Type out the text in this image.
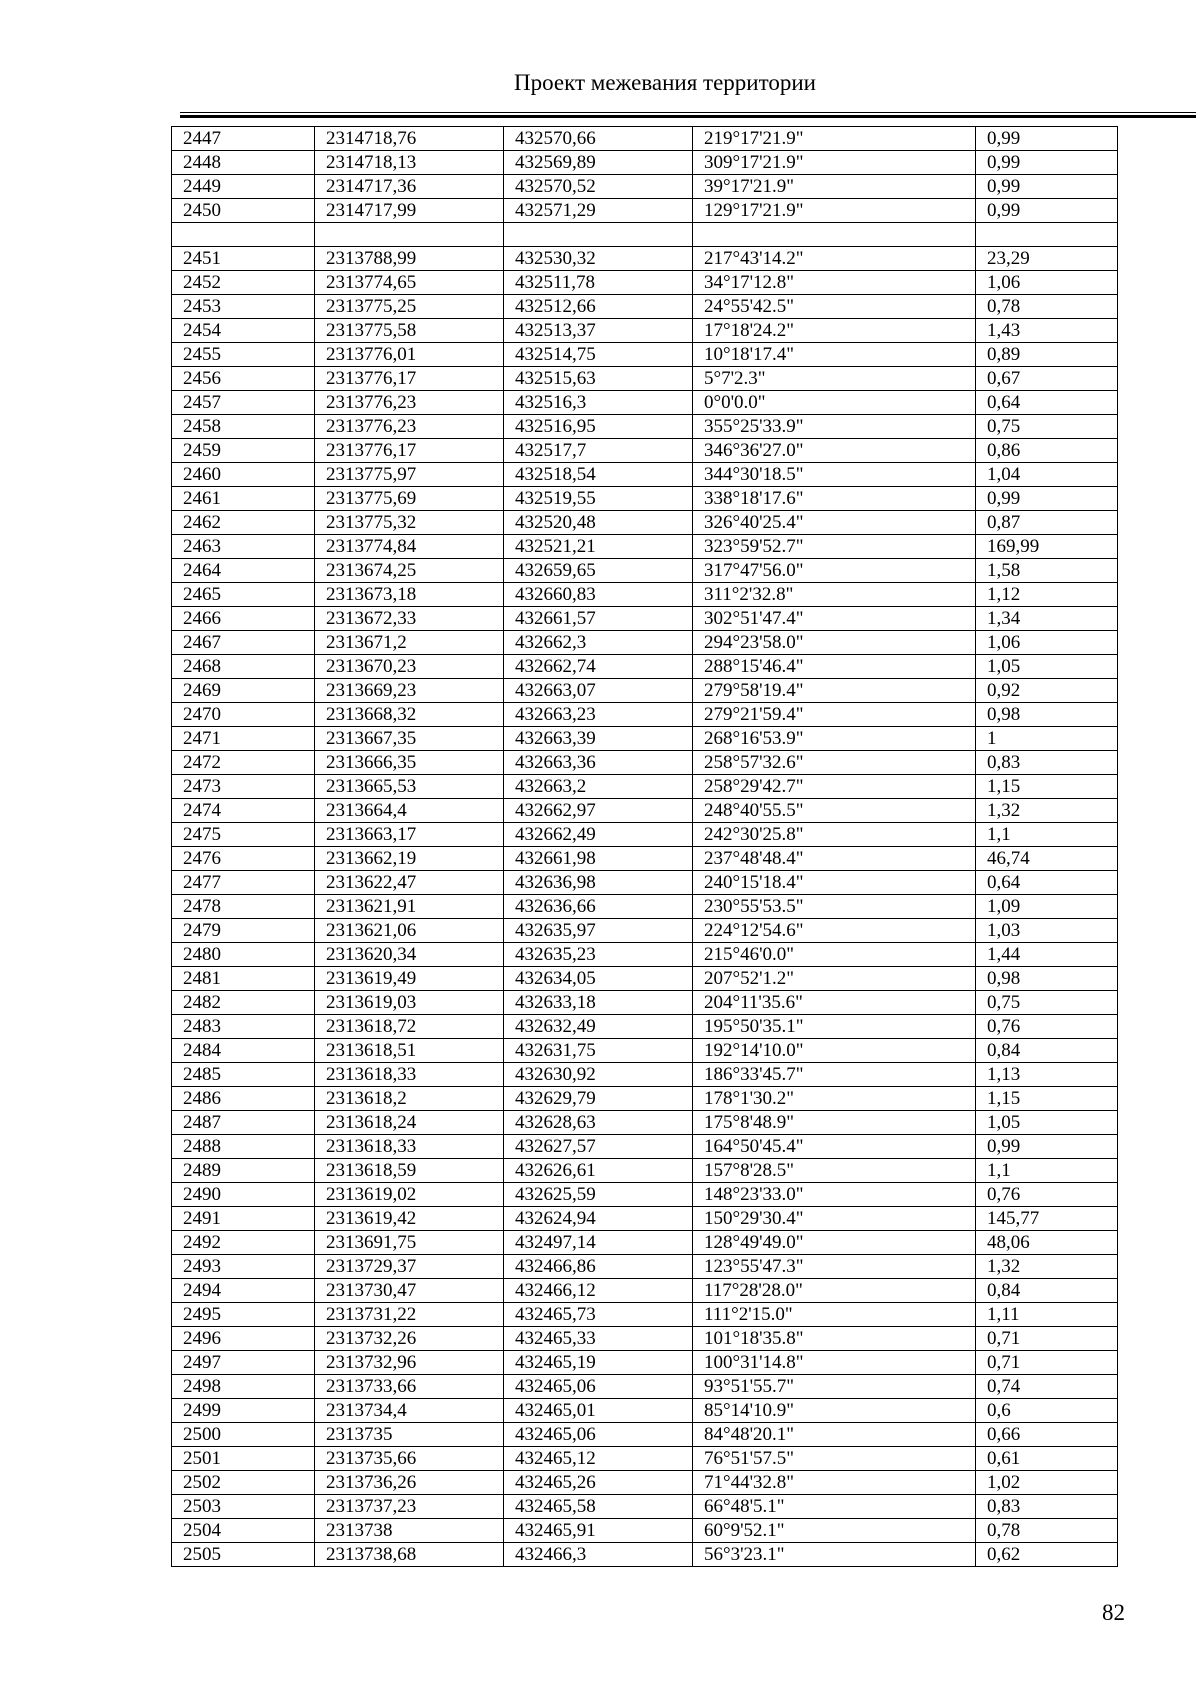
Проект межевания территории
2447	2314718,76	432570,66	219°17'21.9"	0,99
2448	2314718,13	432569,89	309°17'21.9"	0,99
2449	2314717,36	432570,52	39°17'21.9"	0,99
2450	2314717,99	432571,29	129°17'21.9"	0,99

2451	2313788,99	432530,32	217°43'14.2"	23,29
2452	2313774,65	432511,78	34°17'12.8"	1,06
2453	2313775,25	432512,66	24°55'42.5"	0,78
2454	2313775,58	432513,37	17°18'24.2"	1,43
2455	2313776,01	432514,75	10°18'17.4"	0,89
2456	2313776,17	432515,63	5°7'2.3"	0,67
2457	2313776,23	432516,3	0°0'0.0"	0,64
2458	2313776,23	432516,95	355°25'33.9"	0,75
2459	2313776,17	432517,7	346°36'27.0"	0,86
2460	2313775,97	432518,54	344°30'18.5"	1,04
2461	2313775,69	432519,55	338°18'17.6"	0,99
2462	2313775,32	432520,48	326°40'25.4"	0,87
2463	2313774,84	432521,21	323°59'52.7"	169,99
2464	2313674,25	432659,65	317°47'56.0"	1,58
2465	2313673,18	432660,83	311°2'32.8"	1,12
2466	2313672,33	432661,57	302°51'47.4"	1,34
2467	2313671,2	432662,3	294°23'58.0"	1,06
2468	2313670,23	432662,74	288°15'46.4"	1,05
2469	2313669,23	432663,07	279°58'19.4"	0,92
2470	2313668,32	432663,23	279°21'59.4"	0,98
2471	2313667,35	432663,39	268°16'53.9"	1
2472	2313666,35	432663,36	258°57'32.6"	0,83
2473	2313665,53	432663,2	258°29'42.7"	1,15
2474	2313664,4	432662,97	248°40'55.5"	1,32
2475	2313663,17	432662,49	242°30'25.8"	1,1
2476	2313662,19	432661,98	237°48'48.4"	46,74
2477	2313622,47	432636,98	240°15'18.4"	0,64
2478	2313621,91	432636,66	230°55'53.5"	1,09
2479	2313621,06	432635,97	224°12'54.6"	1,03
2480	2313620,34	432635,23	215°46'0.0"	1,44
2481	2313619,49	432634,05	207°52'1.2"	0,98
2482	2313619,03	432633,18	204°11'35.6"	0,75
2483	2313618,72	432632,49	195°50'35.1"	0,76
2484	2313618,51	432631,75	192°14'10.0"	0,84
2485	2313618,33	432630,92	186°33'45.7"	1,13
2486	2313618,2	432629,79	178°1'30.2"	1,15
2487	2313618,24	432628,63	175°8'48.9"	1,05
2488	2313618,33	432627,57	164°50'45.4"	0,99
2489	2313618,59	432626,61	157°8'28.5"	1,1
2490	2313619,02	432625,59	148°23'33.0"	0,76
2491	2313619,42	432624,94	150°29'30.4"	145,77
2492	2313691,75	432497,14	128°49'49.0"	48,06
2493	2313729,37	432466,86	123°55'47.3"	1,32
2494	2313730,47	432466,12	117°28'28.0"	0,84
2495	2313731,22	432465,73	111°2'15.0"	1,11
2496	2313732,26	432465,33	101°18'35.8"	0,71
2497	2313732,96	432465,19	100°31'14.8"	0,71
2498	2313733,66	432465,06	93°51'55.7"	0,74
2499	2313734,4	432465,01	85°14'10.9"	0,6
2500	2313735	432465,06	84°48'20.1"	0,66
2501	2313735,66	432465,12	76°51'57.5"	0,61
2502	2313736,26	432465,26	71°44'32.8"	1,02
2503	2313737,23	432465,58	66°48'5.1"	0,83
2504	2313738	432465,91	60°9'52.1"	0,78
2505	2313738,68	432466,3	56°3'23.1"	0,62
82
